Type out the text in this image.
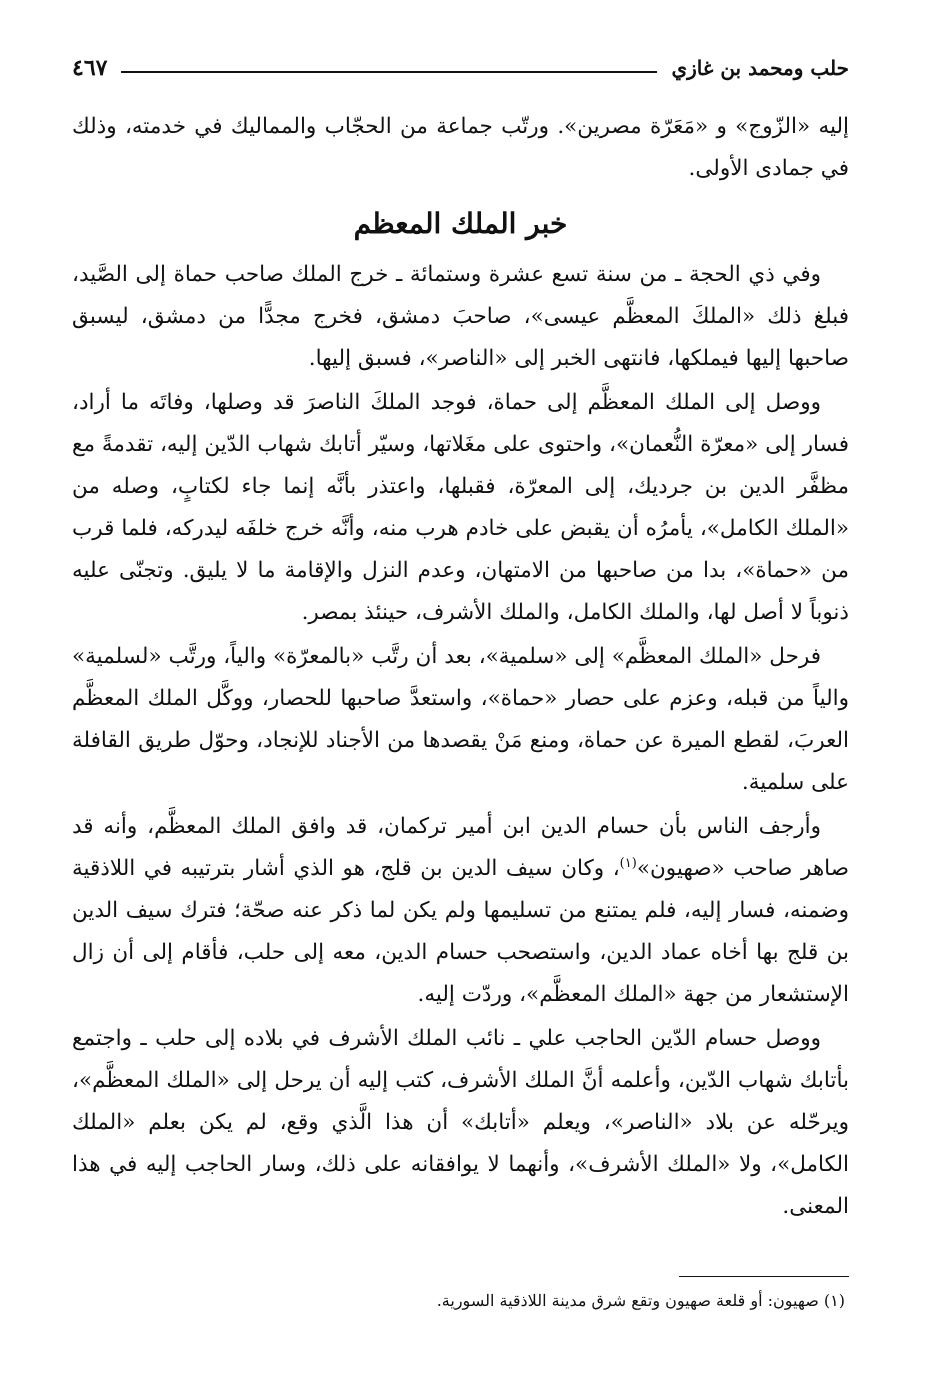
حلب ومحمد بن غازي
٤٦٧

إليه «الزّوج» و «مَعَرّة مصرين». ورتّب جماعة من الحجّاب والمماليك في خدمته، وذلك في جمادى الأولى.

خبر الملك المعظم

وفي ذي الحجة ـ من سنة تسع عشرة وستمائة ـ خرج الملك صاحب حماة إلى الصَّيد، فبلغ ذلك «الملكَ المعظَّم عيسى»، صاحبَ دمشق، فخرج مجدًّا من دمشق، ليسبق صاحبها إليها فيملكها، فانتهى الخبر إلى «الناصر»، فسبق إليها.

ووصل إلى الملك المعظَّم إلى حماة، فوجد الملكَ الناصرَ قد وصلها، وفاتَه ما أراد، فسار إلى «معرّة النُّعمان»، واحتوى على مغَلاتها، وسيّر أتابك شهاب الدّين إليه، تقدمةً مع مظفَّر الدين بن جرديك، إلى المعرّة، فقبلها، واعتذر بأنَّه إنما جاء لكتابٍ، وصله من «الملك الكامل»، يأمرُه أن يقبض على خادم هرب منه، وأنَّه خرج خلفَه ليدركه، فلما قرب من «حماة»، بدا من صاحبها من الامتهان، وعدم النزل والإقامة ما لا يليق. وتجنّى عليه ذنوباً لا أصل لها، والملك الكامل، والملك الأشرف، حينئذ بمصر.

فرحل «الملك المعظَّم» إلى «سلمية»، بعد أن رتَّب «بالمعرّة» والياً، ورتَّب «لسلمية» والياً من قبله، وعزم على حصار «حماة»، واستعدَّ صاحبها للحصار، ووكَّل الملك المعظَّم العربَ، لقطع الميرة عن حماة، ومنع مَنْ يقصدها من الأجناد للإنجاد، وحوّل طريق القافلة على سلمية.

وأرجف الناس بأن حسام الدين ابن أمير تركمان، قد وافق الملك المعظَّم، وأنه قد صاهر صاحب «صهيون»$^{(١)}$، وكان سيف الدين بن قلج، هو الذي أشار بترتيبه في اللاذقية وضمنه، فسار إليه، فلم يمتنع من تسليمها ولم يكن لما ذكر عنه صحّة؛ فترك سيف الدين بن قلج بها أخاه عماد الدين، واستصحب حسام الدين، معه إلى حلب، فأقام إلى أن زال الإستشعار من جهة «الملك المعظَّم»، وردّت إليه.

ووصل حسام الدّين الحاجب علي ـ نائب الملك الأشرف في بلاده إلى حلب ـ واجتمع بأتابك شهاب الدّين، وأعلمه أنَّ الملك الأشرف، كتب إليه أن يرحل إلى «الملك المعظَّم»، ويرحّله عن بلاد «الناصر»، ويعلم «أتابك» أن هذا الَّذي وقع، لم يكن بعلم «الملك الكامل»، ولا «الملك الأشرف»، وأنهما لا يوافقانه على ذلك، وسار الحاجب إليه في هذا المعنى.

(١) صهيون: أو قلعة صهيون وتقع شرق مدينة اللاذقية السورية.
